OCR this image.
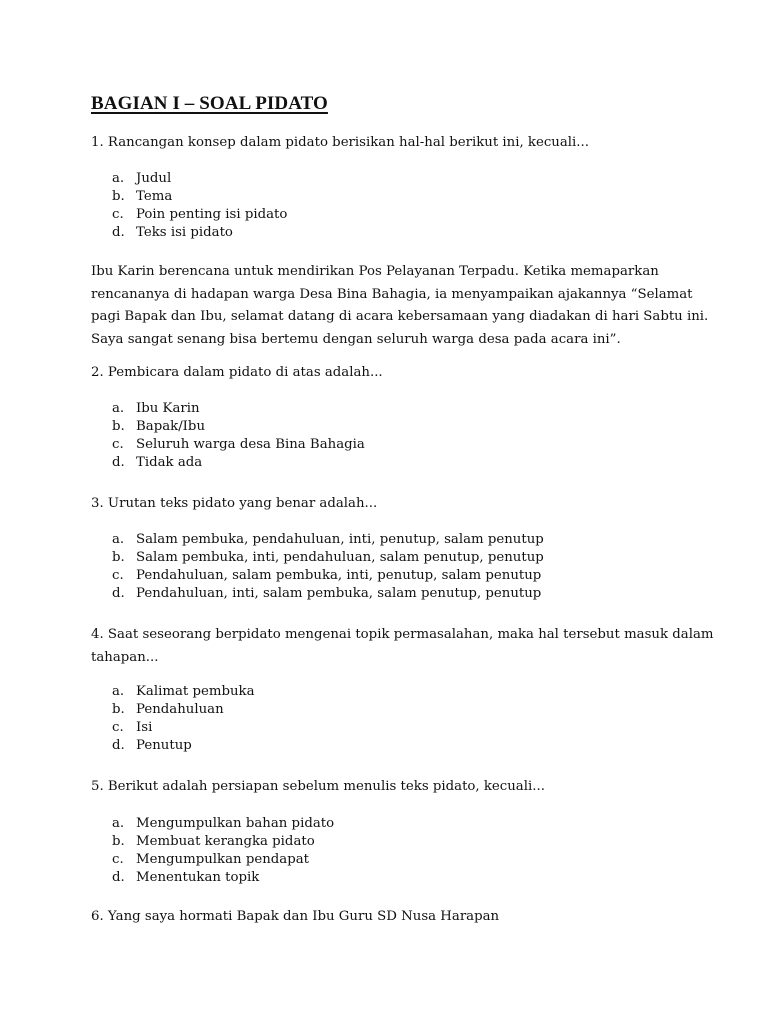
BAGIAN I – SOAL PIDATO
1. Rancangan konsep dalam pidato berisikan hal-hal berikut ini, kecuali...
a. Judul
b. Tema
c. Poin penting isi pidato
d. Teks isi pidato
Ibu Karin berencana untuk mendirikan Pos Pelayanan Terpadu. Ketika memaparkan
rencananya di hadapan warga Desa Bina Bahagia, ia menyampaikan ajakannya “Selamat
pagi Bapak dan Ibu, selamat datang di acara kebersamaan yang diadakan di hari Sabtu ini.
Saya sangat senang bisa bertemu dengan seluruh warga desa pada acara ini”.
2. Pembicara dalam pidato di atas adalah...
a. Ibu Karin
b. Bapak/Ibu
c. Seluruh warga desa Bina Bahagia
d. Tidak ada
3. Urutan teks pidato yang benar adalah...
a. Salam pembuka, pendahuluan, inti, penutup, salam penutup
b. Salam pembuka, inti, pendahuluan, salam penutup, penutup
c. Pendahuluan, salam pembuka, inti, penutup, salam penutup
d. Pendahuluan, inti, salam pembuka, salam penutup, penutup
4. Saat seseorang berpidato mengenai topik permasalahan, maka hal tersebut masuk dalam
tahapan...
a. Kalimat pembuka
b. Pendahuluan
c. Isi
d. Penutup
5. Berikut adalah persiapan sebelum menulis teks pidato, kecuali...
a. Mengumpulkan bahan pidato
b. Membuat kerangka pidato
c. Mengumpulkan pendapat
d. Menentukan topik
6. Yang saya hormati Bapak dan Ibu Guru SD Nusa Harapan
